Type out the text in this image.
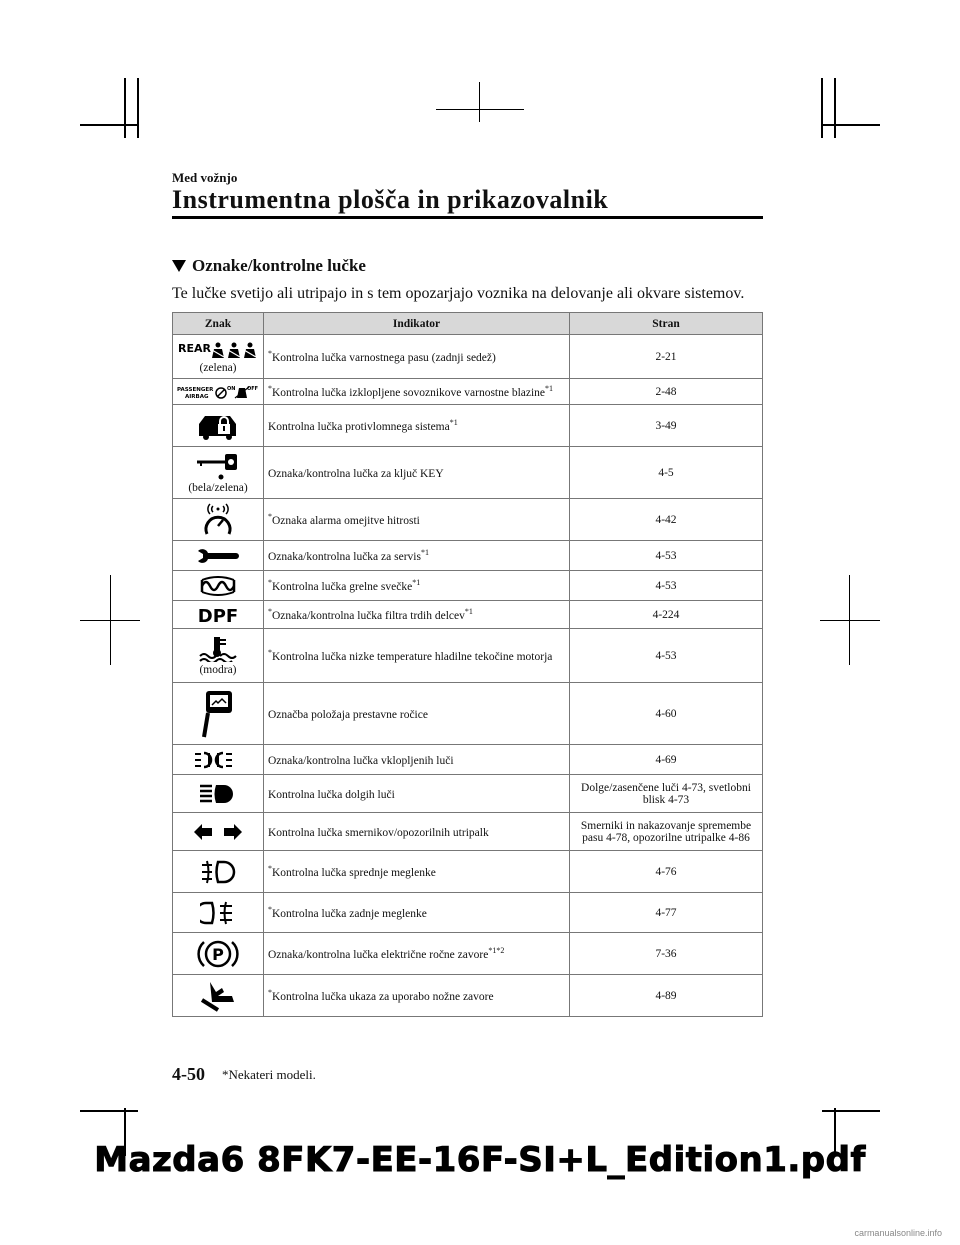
Med vožnjo
Instrumentna plošča in prikazovalnik
Oznake/kontrolne lučke
Te lučke svetijo ali utripajo in s tem opozarjajo voznika na delovanje ali okvare sistemov.
Znak	Indikator	Stran

REAR
(zelena)	*Kontrolna lučka varnostnega pasu (zadnji sedež)	2-21

PASSENGER
AIRBAG
ON OFF	*Kontrolna lučka izklopljene sovoznikove varnostne blazine$^{*1}$	2-48

	Kontrolna lučka protivlomnega sistema$^{*1}$	3-49

(bela/zelena)	Oznaka/kontrolna lučka za ključ KEY	4-5

	*Oznaka alarma omejitve hitrosti	4-42

	Oznaka/kontrolna lučka za servis$^{*1}$	4-53

	*Kontrolna lučka grelne svečke$^{*1}$	4-53

DPF	*Oznaka/kontrolna lučka filtra trdih delcev$^{*1}$	4-224

(modra)	*Kontrolna lučka nizke temperature hladilne tekočine motorja	4-53

	Označba položaja prestavne ročice	4-60

	Oznaka/kontrolna lučka vklopljenih luči	4-69

	Kontrolna lučka dolgih luči	Dolge/zasenčene luči 4-73, svetlobni blisk 4-73

	Kontrolna lučka smernikov/opozorilnih utripalk	Smerniki in nakazovanje spremembe pasu 4-78, opozorilne utripalke 4-86

	*Kontrolna lučka sprednje meglenke	4-76

	*Kontrolna lučka zadnje meglenke	4-77

P	Oznaka/kontrolna lučka električne ročne zavore$^{*1*2}$	7-36

	*Kontrolna lučka ukaza za uporabo nožne zavore	4-89
4-50 *Nekateri modeli.
Mazda6 8FK7-EE-16F-SI+L_Edition1.pdf
carmanualsonline.info
